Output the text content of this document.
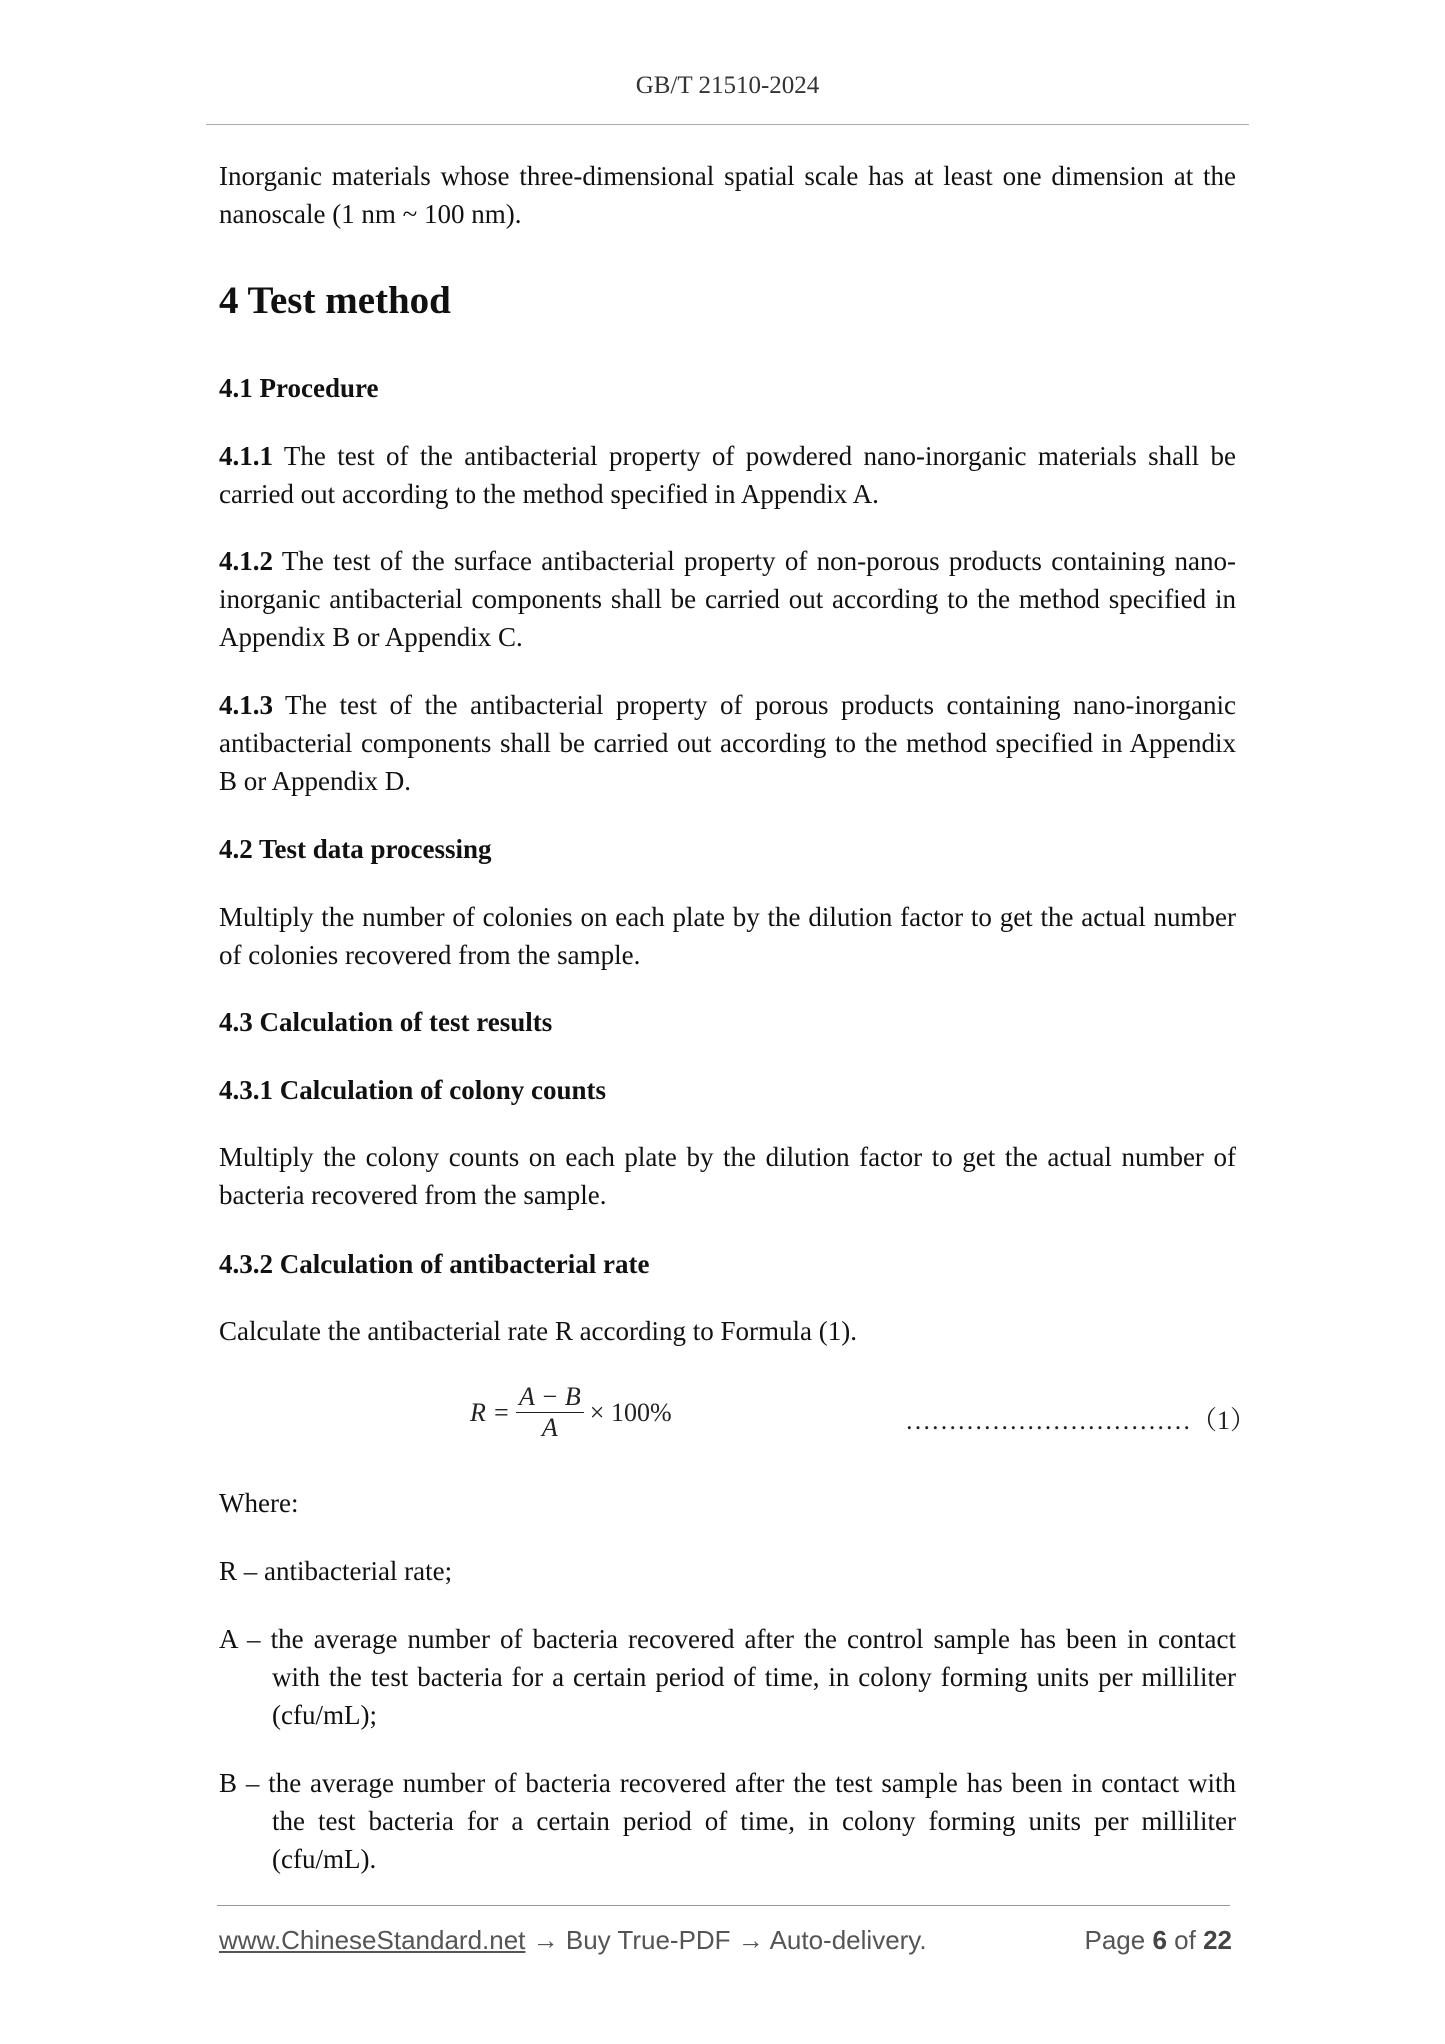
GB/T 21510-2024

Inorganic materials whose three-dimensional spatial scale has at least one dimension at the nanoscale (1 nm ~ 100 nm).

4 Test method
4.1 Procedure

4.1.1 The test of the antibacterial property of powdered nano-inorganic materials shall be carried out according to the method specified in Appendix A.

4.1.2 The test of the surface antibacterial property of non-porous products containing nano-inorganic antibacterial components shall be carried out according to the method specified in Appendix B or Appendix C.

4.1.3 The test of the antibacterial property of porous products containing nano-inorganic antibacterial components shall be carried out according to the method specified in Appendix B or Appendix D.

4.2 Test data processing

Multiply the number of colonies on each plate by the dilution factor to get the actual number of colonies recovered from the sample.

4.3 Calculation of test results
4.3.1 Calculation of colony counts

Multiply the colony counts on each plate by the dilution factor to get the actual number of bacteria recovered from the sample.

4.3.2 Calculation of antibacterial rate

Calculate the antibacterial rate R according to Formula (1).

$R = \frac{A - B}{A} \times 100\%$	……………………………（1）

Where:

R – antibacterial rate;

A – the average number of bacteria recovered after the control sample has been in contact with the test bacteria for a certain period of time, in colony forming units per milliliter (cfu/mL);

B – the average number of bacteria recovered after the test sample has been in contact with the test bacteria for a certain period of time, in colony forming units per milliliter (cfu/mL).

www.ChineseStandard.net → Buy True-PDF → Auto-delivery.	Page 6 of 22
